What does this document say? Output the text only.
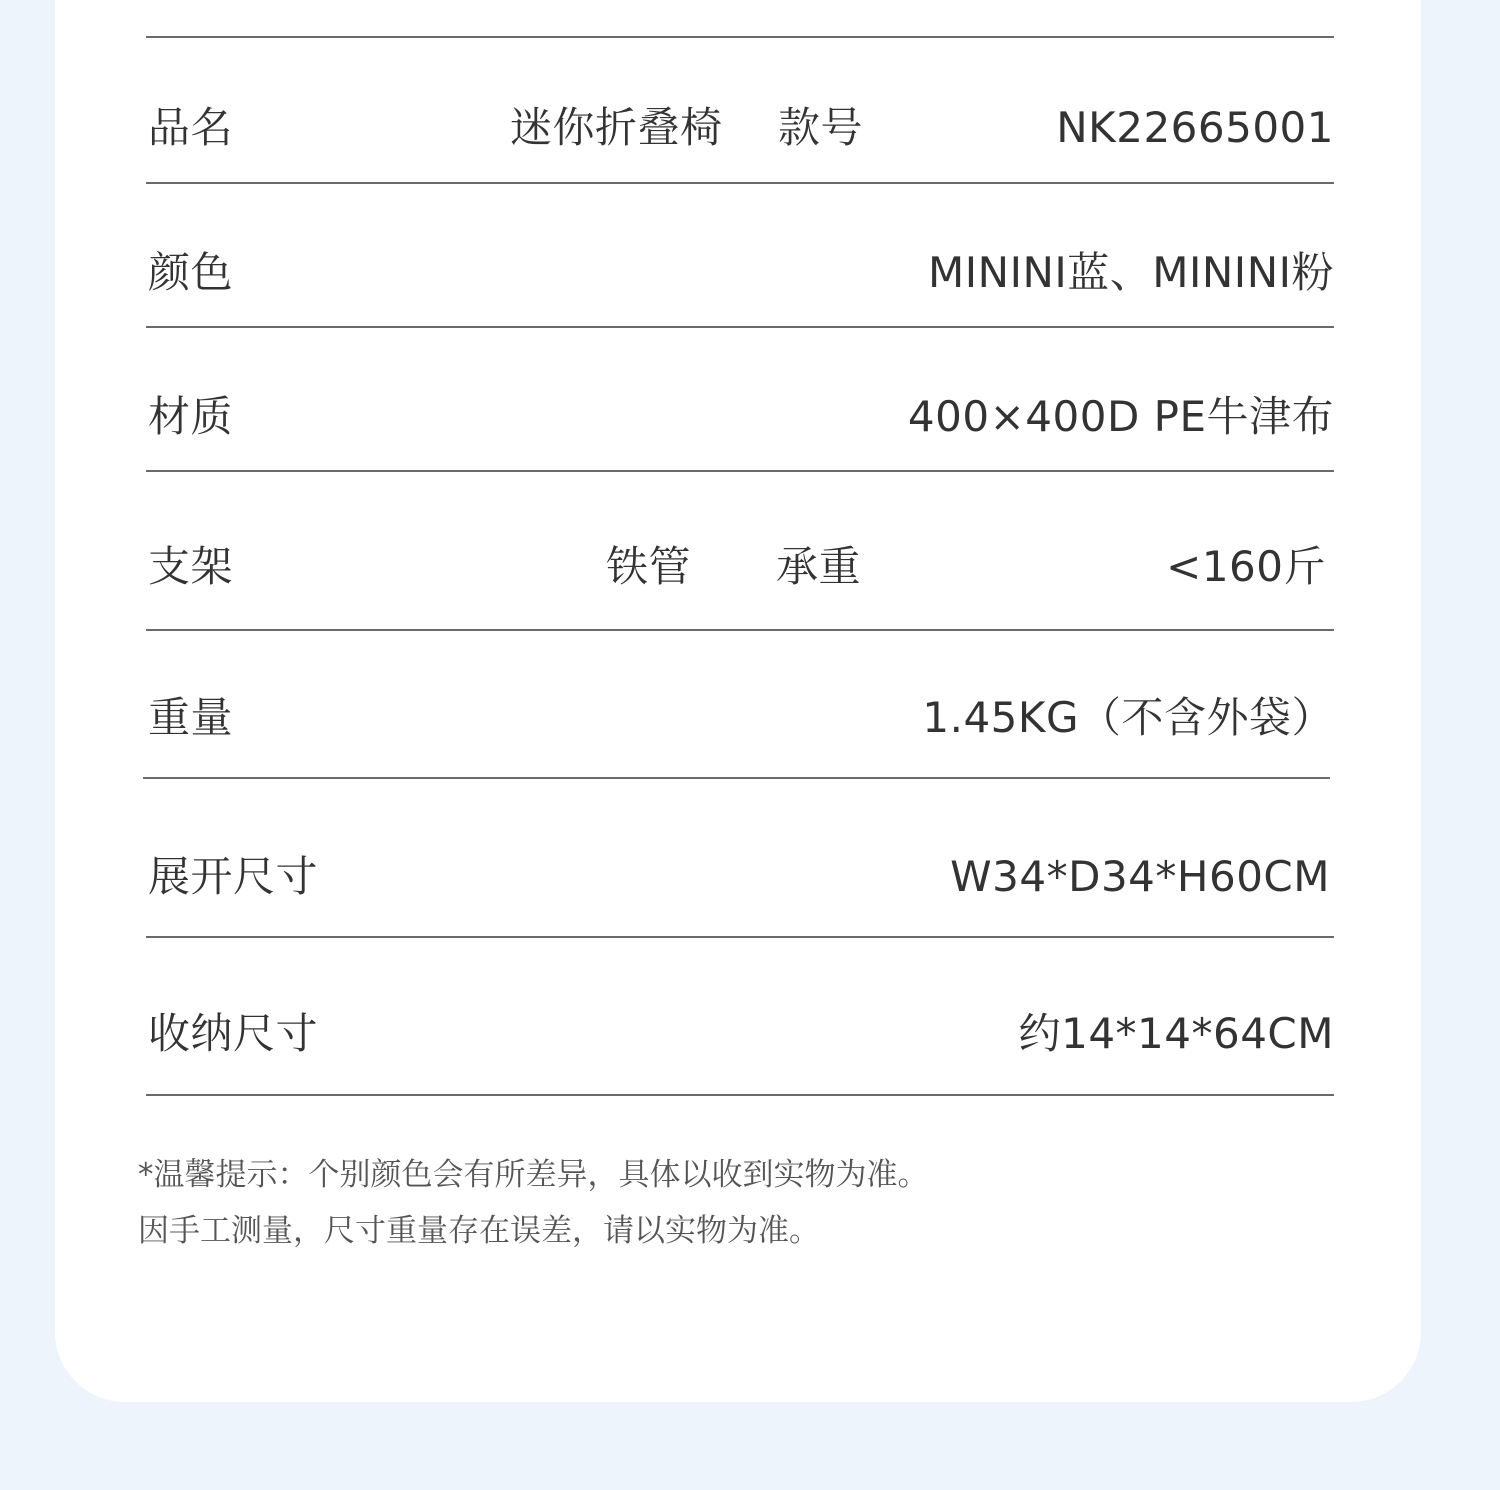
品名	迷你折叠椅 款号	NK22665001
颜色	MININI蓝、MININI粉
材质	400×400D PE牛津布
支架	铁管 承重	<160斤
重量	1.45KG（不含外袋）
展开尺寸	W34*D34*H60CM
收纳尺寸	约14*14*64CM
*温馨提示：个别颜色会有所差异，具体以收到实物为准。
因手工测量，尺寸重量存在误差，请以实物为准。
